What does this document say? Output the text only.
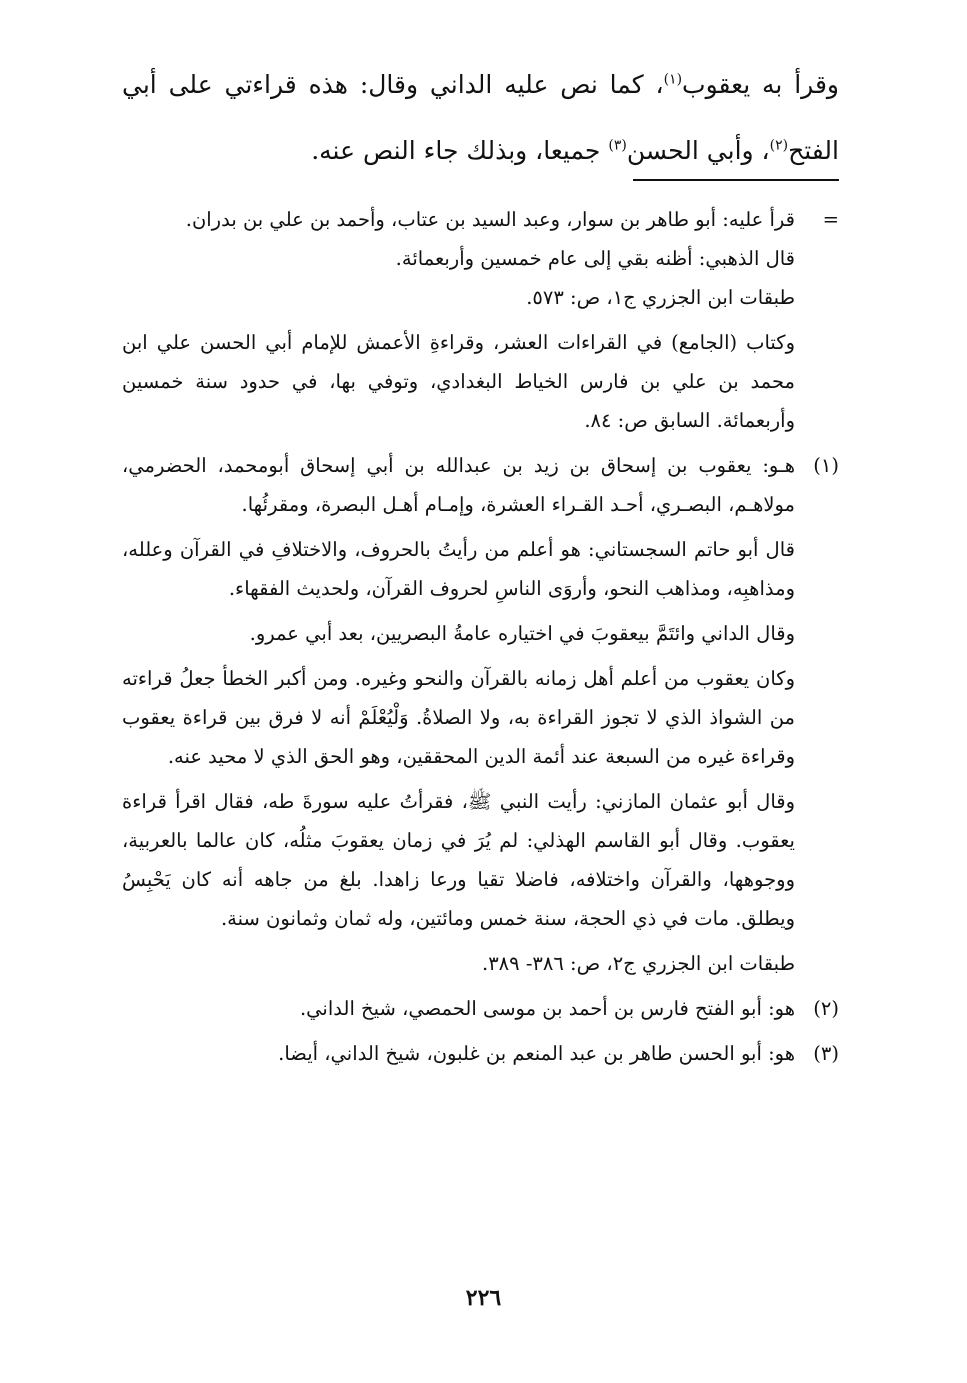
وقرأ به يعقوب$^{(١)}$، كما نص عليه الداني وقال: هذه قراءتي على أبي الفتح$^{(٢)}$، وأبي الحسن$^{(٣)}$ جميعا، وبذلك جاء النص عنه.

=
قرأ عليه: أبو طاهر بن سوار، وعبد السيد بن عتاب، وأحمد بن علي بن بدران.

قال الذهبي: أظنه بقي إلى عام خمسين وأربعمائة.

طبقات ابن الجزري ج١، ص: ٥٧٣.

وكتاب (الجامع) في القراءات العشر، وقراءةِ الأعمش للإمام أبي الحسن علي ابن محمد بن علي بن فارس الخياط البغدادي، وتوفي بها، في حدود سنة خمسين وأربعمائة. السابق ص: ٨٤.

(١)

هـو: يعقوب بن إسحاق بن زيد بن عبدالله بن أبي إسحاق أبومحمد، الحضرمي، مولاهـم، البصـري، أحـد القـراء العشرة، وإمـام أهـل البصرة، ومقرئُها.

قال أبو حاتم السجستاني: هو أعلم من رأيتُ بالحروف، والاختلافِ في القرآن وعلله، ومذاهبِه، ومذاهب النحو، وأروَى الناسِ لحروف القرآن، ولحديث الفقهاء.

وقال الداني وائتَمَّ بيعقوبَ في اختياره عامةُ البصريين، بعد أبي عمرو.

وكان يعقوب من أعلم أهل زمانه بالقرآن والنحو وغيره. ومن أكبر الخطأ جعلُ قراءته من الشواذ الذي لا تجوز القراءة به، ولا الصلاةُ. وَلْيُعْلَمْ أنه لا فرق بين قراءة يعقوب وقراءة غيره من السبعة عند أئمة الدين المحققين، وهو الحق الذي لا محيد عنه.

وقال أبو عثمان المازني: رأيت النبي ﷺ، فقرأتُ عليه سورةَ طه، فقال اقرأ قراءة يعقوب. وقال أبو القاسم الهذلي: لم يُرَ في زمان يعقوبَ مثلُه، كان عالما بالعربية، ووجوهها، والقرآن واختلافه، فاضلا تقيا ورعا زاهدا. بلغ من جاهه أنه كان يَحْبِسُ ويطلق. مات في ذي الحجة، سنة خمس ومائتين، وله ثمان وثمانون سنة.

طبقات ابن الجزري ج٢، ص: ٣٨٦- ٣٨٩.

(٢)

هو: أبو الفتح فارس بن أحمد بن موسى الحمصي، شيخ الداني.

(٣)

هو: أبو الحسن طاهر بن عبد المنعم بن غلبون، شيخ الداني، أيضا.

٢٢٦
